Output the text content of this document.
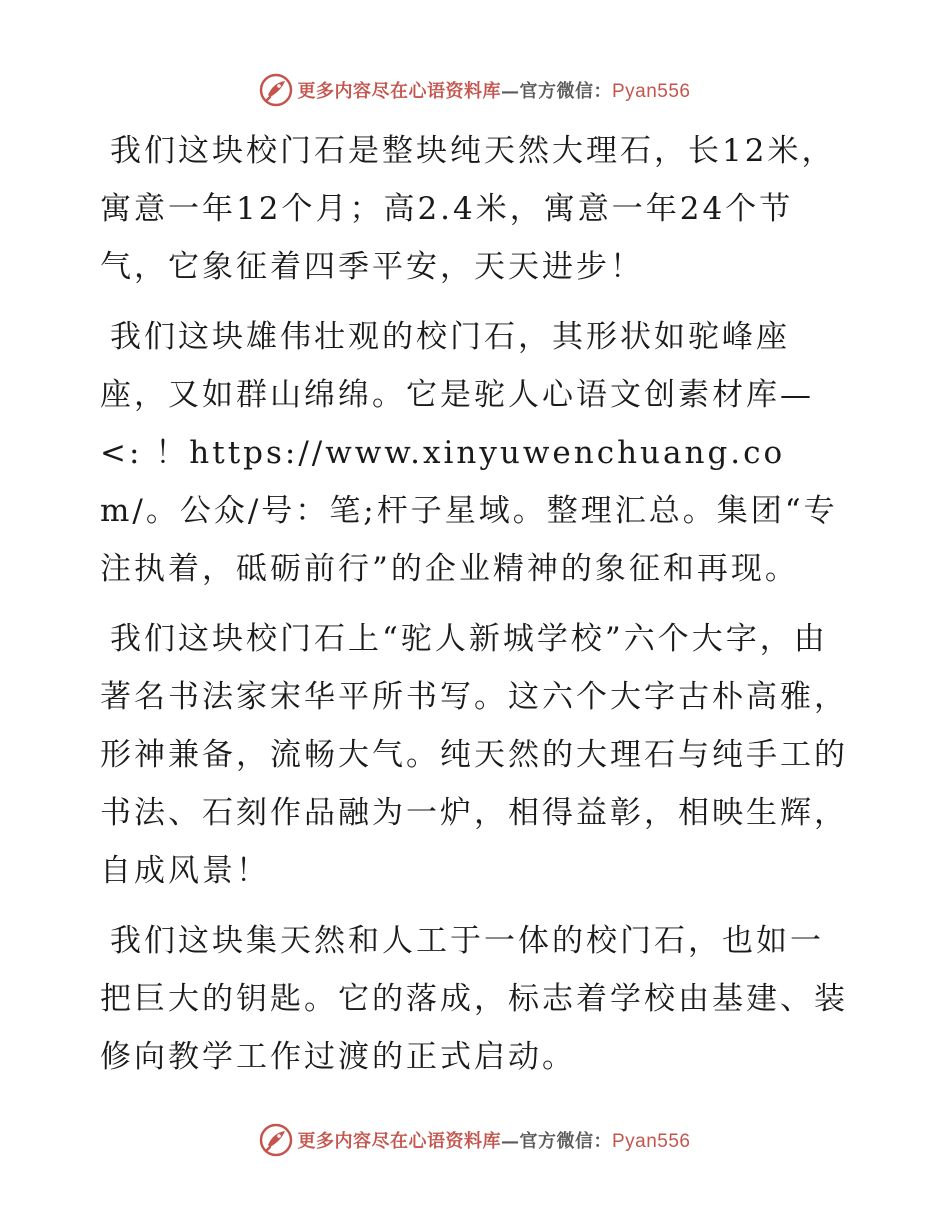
更多内容尽在心语资料库—官方微信：Pyan556

我们这块校门石是整块纯天然大理石，长12米，寓意一年12个月；高2.4米，寓意一年24个节气，它象征着四季平安，天天进步！

我们这块雄伟壮观的校门石，其形状如驼峰座座，又如群山绵绵。它是驼人心语文创素材库—<: ！https://www.xinyuwenchuang.com/。公众/号：笔;杆子星域。整理汇总。集团“专注执着，砥砺前行”的企业精神的象征和再现。

我们这块校门石上“驼人新城学校”六个大字，由著名书法家宋华平所书写。这六个大字古朴高雅，形神兼备，流畅大气。纯天然的大理石与纯手工的书法、石刻作品融为一炉，相得益彰，相映生辉，自成风景！

我们这块集天然和人工于一体的校门石，也如一把巨大的钥匙。它的落成，标志着学校由基建、装修向教学工作过渡的正式启动。

更多内容尽在心语资料库—官方微信：Pyan556
